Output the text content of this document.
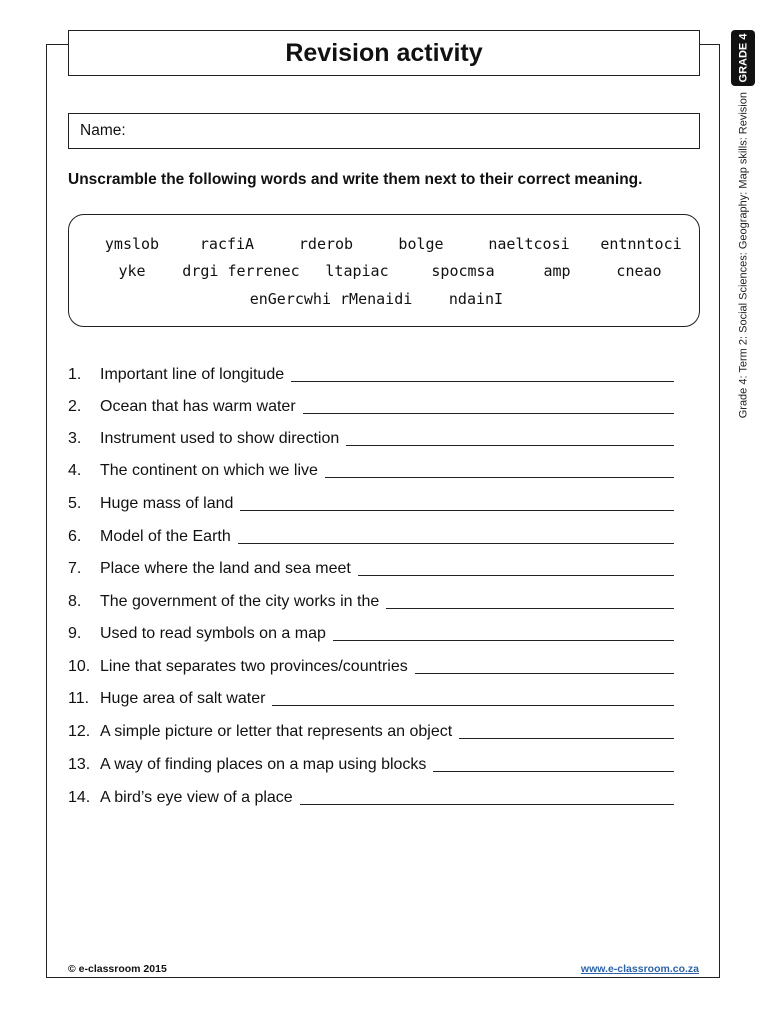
Revision activity
Name:
Unscramble the following words and write them next to their correct meaning.
ymslob	racfiA	rderob	bolge	naeltcosi entnntoci
yke drgi ferrenec ltapiac	spocmsa	amp	cneao
enGercwhi rMenaidi ndainI
1.	Important line of longitude
2.	Ocean that has warm water
3.	Instrument used to show direction
4.	The continent on which we live
5.	Huge mass of land
6.	Model of the Earth
7.	Place where the land and sea meet
8.	The government of the city works in the
9.	Used to read symbols on a map
10. Line that separates two provinces/countries
11. Huge area of salt water
12. A simple picture or letter that represents an object
13. A way of finding places on a map using blocks
14. A bird’s eye view of a place
© e-classroom 2015	www.e-classroom.co.za
GRADE 4
Grade 4: Term 2: Social Sciences: Geography: Map skills: Revision
